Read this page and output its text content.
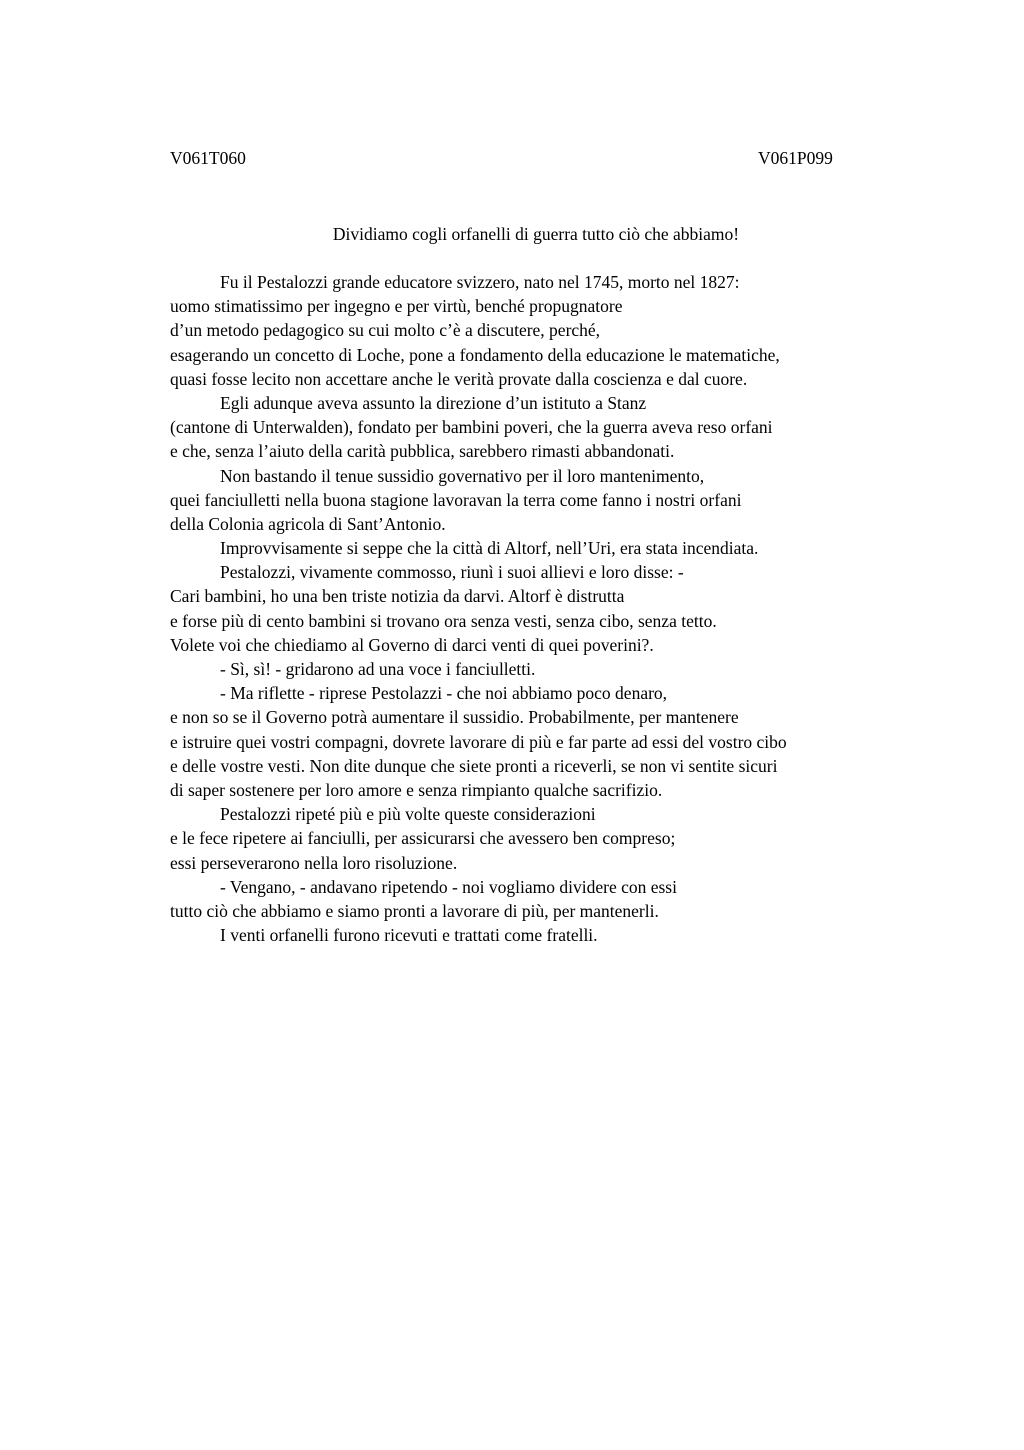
V061T060	V061P099
Dividiamo cogli orfanelli di guerra tutto ciò che abbiamo!
Fu il Pestalozzi grande educatore svizzero, nato nel 1745, morto nel 1827:
uomo stimatissimo per ingegno e per virtù, benché propugnatore
d’un metodo pedagogico su cui molto c’è a discutere, perché,
esagerando un concetto di Loche, pone a fondamento della educazione le matematiche,
quasi fosse lecito non accettare anche le verità provate dalla coscienza e dal cuore.
Egli adunque aveva assunto la direzione d’un istituto a Stanz
(cantone di Unterwalden), fondato per bambini poveri, che la guerra aveva reso orfani
e che, senza l’aiuto della carità pubblica, sarebbero rimasti abbandonati.
Non bastando il tenue sussidio governativo per il loro mantenimento,
quei fanciulletti nella buona stagione lavoravan la terra come fanno i nostri orfani
della Colonia agricola di Sant’Antonio.
Improvvisamente si seppe che la città di Altorf, nell’Uri, era stata incendiata.
Pestalozzi, vivamente commosso, riunì i suoi allievi e loro disse: -
Cari bambini, ho una ben triste notizia da darvi. Altorf è distrutta
e forse più di cento bambini si trovano ora senza vesti, senza cibo, senza tetto.
Volete voi che chiediamo al Governo di darci venti di quei poverini?.
- Sì, sì! - gridarono ad una voce i fanciulletti.
- Ma riflette - riprese Pestolazzi - che noi abbiamo poco denaro,
e non so se il Governo potrà aumentare il sussidio. Probabilmente, per mantenere
e istruire quei vostri compagni, dovrete lavorare di più e far parte ad essi del vostro cibo
e delle vostre vesti. Non dite dunque che siete pronti a riceverli, se non vi sentite sicuri
di saper sostenere per loro amore e senza rimpianto qualche sacrifizio.
Pestalozzi ripeté più e più volte queste considerazioni
e le fece ripetere ai fanciulli, per assicurarsi che avessero ben compreso;
essi perseverarono nella loro risoluzione.
- Vengano, - andavano ripetendo - noi vogliamo dividere con essi
tutto ciò che abbiamo e siamo pronti a lavorare di più, per mantenerli.
I venti orfanelli furono ricevuti e trattati come fratelli.
